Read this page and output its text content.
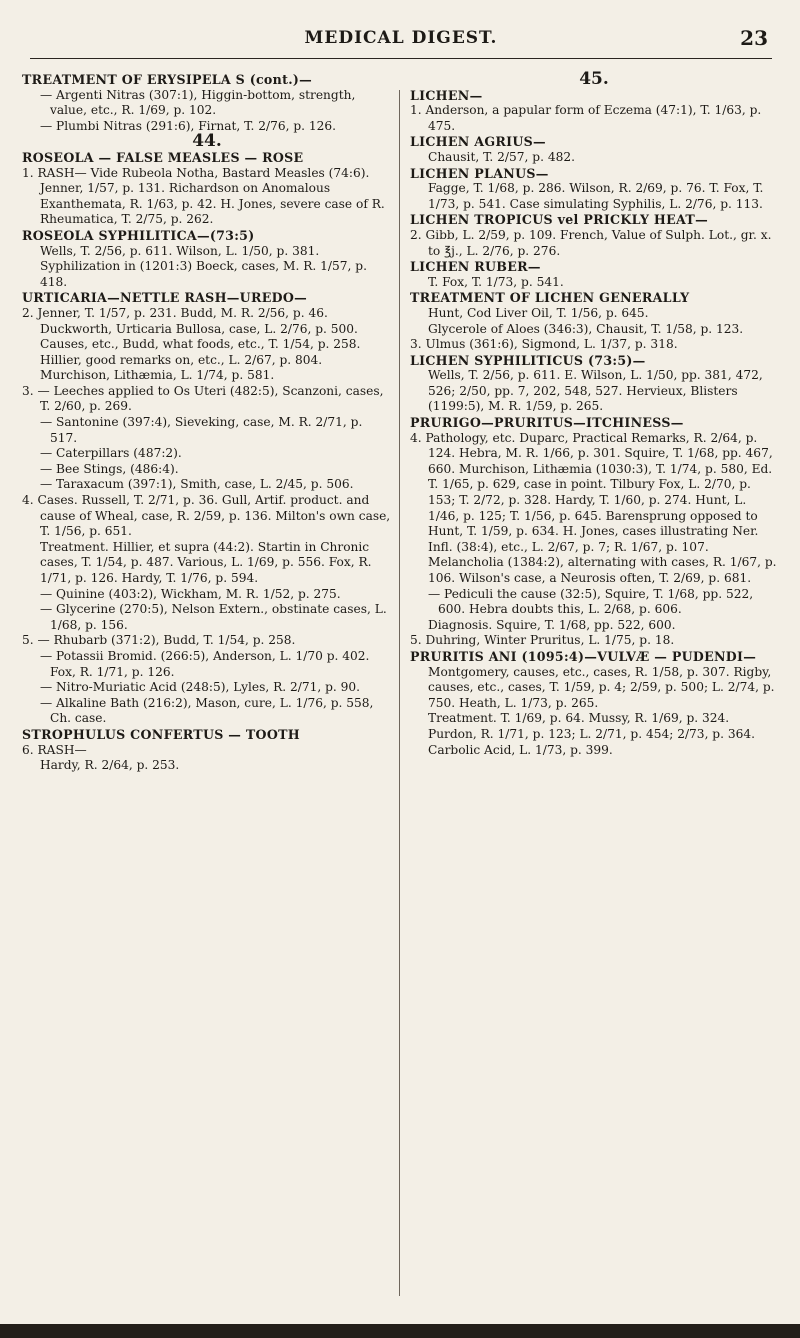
MEDICAL DIGEST.	23

TREATMENT OF ERYSIPELA S (cont.)—

— Argenti Nitras (307:1), Higgin-bottom, strength, value, etc., R. 1/69, p. 102.

— Plumbi Nitras (291:6), Firnat, T. 2/76, p. 126.

44.

ROSEOLA — FALSE MEASLES — ROSE

1. RASH— Vide Rubeola Notha, Bastard Measles (74:6).

Jenner, 1/57, p. 131. Richardson on Anomalous Exanthemata, R. 1/63, p. 42. H. Jones, severe case of R. Rheumatica, T. 2/75, p. 262.

ROSEOLA SYPHILITICA—(73:5)

Wells, T. 2/56, p. 611. Wilson, L. 1/50, p. 381.

Syphilization in (1201:3) Boeck, cases, M. R. 1/57, p. 418.

URTICARIA—NETTLE RASH—UREDO—

2. Jenner, T. 1/57, p. 231. Budd, M. R. 2/56, p. 46. Duckworth, Urticaria Bullosa, case, L. 2/76, p. 500.

Causes, etc., Budd, what foods, etc., T. 1/54, p. 258. Hillier, good remarks on, etc., L. 2/67, p. 804. Murchison, Lithæmia, L. 1/74, p. 581.

3. — Leeches applied to Os Uteri (482:5), Scanzoni, cases, T. 2/60, p. 269.

— Santonine (397:4), Sieveking, case, M. R. 2/71, p. 517.

— Caterpillars (487:2).

— Bee Stings, (486:4).

— Taraxacum (397:1), Smith, case, L. 2/45, p. 506.

4. Cases. Russell, T. 2/71, p. 36. Gull, Artif. product. and cause of Wheal, case, R. 2/59, p. 136. Milton's own case, T. 1/56, p. 651.

Treatment. Hillier, et supra (44:2). Startin in Chronic cases, T. 1/54, p. 487. Various, L. 1/69, p. 556. Fox, R. 1/71, p. 126. Hardy, T. 1/76, p. 594.

— Quinine (403:2), Wickham, M. R. 1/52, p. 275.

— Glycerine (270:5), Nelson Extern., obstinate cases, L. 1/68, p. 156.

5. — Rhubarb (371:2), Budd, T. 1/54, p. 258.

— Potassii Bromid. (266:5), Anderson, L. 1/70 p. 402. Fox, R. 1/71, p. 126.

— Nitro-Muriatic Acid (248:5), Lyles, R. 2/71, p. 90.

— Alkaline Bath (216:2), Mason, cure, L. 1/76, p. 558, Ch. case.

STROPHULUS CONFERTUS — TOOTH

6. RASH—

Hardy, R. 2/64, p. 253.

45.

LICHEN—

1. Anderson, a papular form of Eczema (47:1), T. 1/63, p. 475.

LICHEN AGRIUS—

Chausit, T. 2/57, p. 482.

LICHEN PLANUS—

Fagge, T. 1/68, p. 286. Wilson, R. 2/69, p. 76. T. Fox, T. 1/73, p. 541. Case simulating Syphilis, L. 2/76, p. 113.

LICHEN TROPICUS vel PRICKLY HEAT—

2. Gibb, L. 2/59, p. 109. French, Value of Sulph. Lot., gr. x. to ℥j., L. 2/76, p. 276.

LICHEN RUBER—

T. Fox, T. 1/73, p. 541.

TREATMENT OF LICHEN GENERALLY

Hunt, Cod Liver Oil, T. 1/56, p. 645.

Glycerole of Aloes (346:3), Chausit, T. 1/58, p. 123.

3. Ulmus (361:6), Sigmond, L. 1/37, p. 318.

LICHEN SYPHILITICUS (73:5)—

Wells, T. 2/56, p. 611. E. Wilson, L. 1/50, pp. 381, 472, 526; 2/50, pp. 7, 202, 548, 527. Hervieux, Blisters (1199:5), M. R. 1/59, p. 265.

PRURIGO—PRURITUS—ITCHINESS—

4. Pathology, etc. Duparc, Practical Remarks, R. 2/64, p. 124. Hebra, M. R. 1/66, p. 301. Squire, T. 1/68, pp. 467, 660. Murchison, Lithæmia (1030:3), T. 1/74, p. 580, Ed. T. 1/65, p. 629, case in point. Tilbury Fox, L. 2/70, p. 153; T. 2/72, p. 328. Hardy, T. 1/60, p. 274. Hunt, L. 1/46, p. 125; T. 1/56, p. 645. Barensprung opposed to Hunt, T. 1/59, p. 634. H. Jones, cases illustrating Ner. Infl. (38:4), etc., L. 2/67, p. 7; R. 1/67, p. 107. Melancholia (1384:2), alternating with cases, R. 1/67, p. 106. Wilson's case, a Neurosis often, T. 2/69, p. 681.

— Pediculi the cause (32:5), Squire, T. 1/68, pp. 522, 600. Hebra doubts this, L. 2/68, p. 606.

Diagnosis. Squire, T. 1/68, pp. 522, 600.

5. Duhring, Winter Pruritus, L. 1/75, p. 18.

PRURITIS ANI (1095:4)—VULVÆ — PUDENDI—

Montgomery, causes, etc., cases, R. 1/58, p. 307. Rigby, causes, etc., cases, T. 1/59, p. 4; 2/59, p. 500; L. 2/74, p. 750. Heath, L. 1/73, p. 265.

Treatment. T. 1/69, p. 64. Mussy, R. 1/69, p. 324. Purdon, R. 1/71, p. 123; L. 2/71, p. 454; 2/73, p. 364. Carbolic Acid, L. 1/73, p. 399.
